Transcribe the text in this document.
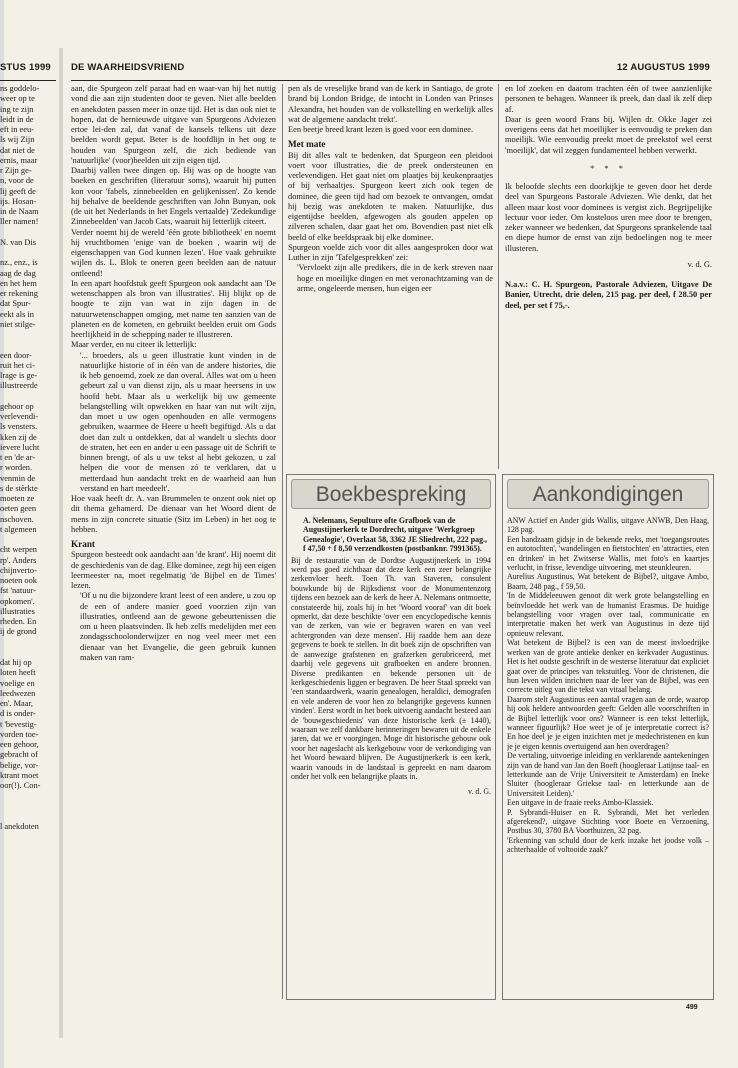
STUS 1999
ns goddelo-
weer op te
ing te zijn
leidt in de
eft in eeu-
ls wij Zijn
dat niet de
ernis, maar
r Zijn ge-
n, voor de
lij geeft de
ijs. Hosan-
in de Naam
ller namen!
N. van Dis
nz., enz., is
aag de dag
en het hem
er rekening
dat Spur-
eekt als in
niet stilge-
een door-
ruit het ci-
lrage is ge-
illustreerde
gehoor op
verlevendi-
ls vensters.
kken zij de
ievere lucht
t en 'de ar-
r worden.
venmin de
s de stèrkte
moeten ze
oeten geen
nschoven.
t algemeen
cht werpen
rp'. Anders
chijnverto-
noeten ook
fst 'natuur-
opkomen'.
illustraties
rheden. En
ij de grond
dat hij op
loten heeft
voelige en
leedwezen
en'. Maar,
d is onder-
t 'bevestig-
vorden toe-
een gehoor,
gebracht of
belige, vor-
ktrant moet
oor(!). Con-
l anekdoten
DE WAARHEIDSVRIEND	12 AUGUSTUS 1999

aan, die Spurgeon zelf paraat had en waar-van hij het nuttig vond die aan zijn studenten door te geven. Niet alle beelden en anekdoten passen meer in onze tijd. Het is dan ook niet te hopen, dat de hernieuwde uitgave van Spurgeons Adviezen ertoe lei-den zal, dat vanaf de kansels telkens uit deze beelden wordt geput. Beter is de hoofdlijn in het oog te houden van Spurgeon zelf, die zich bediende van 'natuurlijke' (voor)beelden uit zijn eigen tijd.

Daarbij vallen twee dingen op. Hij was op de hoogte van boeken en geschriften (literatuur soms), waaruit hij putten kon voor 'fabels, zinnebeelden en gelijkenissen'. Zo kende hij behalve de beeldende geschriften van John Bunyan, ook (de uit het Nederlands in het Engels vertaalde) 'Zedekundige Zinnebeelden' van Jacob Cats, waaruit hij letterlijk citeert.

Verder noemt hij de wereld 'één grote bibliotheek' en noemt hij vruchtbomen 'enige van de boeken , waarin wij de eigenschappen van God kunnen lezen'. Hoe vaak gebruikte wijlen ds. L. Blok te oneren geen beelden aan de natuur ontleend!

In een apart hoofdstuk geeft Spurgeon ook aandacht aan 'De wetenschappen als bron van illustraties'. Hij blijkt op de hoogte te zijn van wat in zijn dagen in de natuurwetenschappen omging, met name ten aanzien van de planeten en de kometen, en gebruikt beelden eruit om Gods heerlijkheid in de schepping nader te illustreren.

Maar verder, en nu citeer ik letterlijk:

'... broeders, als u geen illustratie kunt vinden in de natuurlijke historie of in één van de andere histories, die ik heb genoemd, zoek ze dan overal. Alles wat om u heen gebeurt zal u van dienst zijn, als u maar heersens in uw hoofd hebt. Maar als u werkelijk bij uw gemeente belangstelling wilt opwekken en haar van nut wilt zijn, dan moet u uw ogen openhouden en alle vermogens gebruiken, waarmee de Heere u heeft begiftigd. Als u dat doet dan zult u ontdekken, dat al wandelt u slechts door de straten, het een en ander u een passage uit de Schrift te binnen brengt, of als u uw tekst al hebt gekozen, u zal helpen die voor de mensen zó te verklaren, dat u metterdaad hun aandacht trekt en de waarheid aan hun verstand en hart meedeelt'.

Hoe vaak heeft dr. A. van Brummelen te onzent ook niet op dit thema gehamerd. De dienaar van het Woord dient de mens in zijn concrete situatie (Sitz im Leben) in het oog te hebben.

Krant

Spurgeon besteedt ook aandacht aan 'de krant'. Hij noemt dit de geschiedenis van de dag. Elke dominee, zegt hij een eigen leermeester na, moet regelmatig 'de Bijbel en de Times' lezen.

'Of u nu die bijzondere krant leest of een andere, u zou op de een of andere manier goed voorzien zijn van illustraties, ontleend aan de gewone gebeurtenissen die om u heen plaatsvinden. Ik heb zelfs medelijden met een zondagsschoolonderwijzer en nog veel meer met een dienaar van het Evangelie, die geen gebruik kunnen maken van ram-

pen als de vreselijke brand van de kerk in Santiago, de grote brand bij London Bridge, de intocht in Londen van Prinses Alexandra, het houden van de volkstelling en werkelijk alles wat de algemene aandacht trekt'.

Een beetje breed krant lezen is goed voor een dominee.

Met mate

Bij dit alles valt te bedenken, dat Spurgeon een pleidooi voert voor illustraties, die de preek ondersteunen en verlevendigen. Het gaat niet om plaatjes bij keukenpraatjes of bij verhaaltjes. Spurgeon keert zich ook tegen de dominee, die geen tijd had om bezoek te ontvangen, omdat hij bezig was anekdoten te maken. Natuurlijke, dus eigentijdse beelden, afgewogen als gouden appelen op zilveren schalen, daar gaat het om. Bovendien past niet elk beeld of elke beeldspraak bij elke dominee.

Spurgeon voelde zich voor dit alles aangesproken door wat Luther in zijn 'Tafelgesprekken' zei:

'Vervloekt zijn alle predikers, die in de kerk streven naar hoge en moeilijke dingen en met veronachtzaming van de arme, ongeleerde mensen, hun eigen eer

en lof zoeken en daarom trachten één of twee aanzienlijke personen te behagen. Wanneer ik preek, dan daal ik zelf diep af.

Daar is geen woord Frans bij. Wijlen dr. Okke Jager zei overigens eens dat het moeilijker is eenvoudig te preken dan moeilijk. Wie eenvoudig preekt moet de preekstof wel eerst 'moeilijk', dat wil zeggen fundamenteel hebben verwerkt.

* * *

Ik beloofde slechts een doorkijkje te geven door het derde deel van Spurgeons Pastorale Adviezen. Wie denkt, dat het alleen maar kost voor dominees is vergist zich. Begrijpelijke lectuur voor ieder. Om kosteloos uren mee door te brengen, zeker wanneer we bedenken, dat Spurgeons sprankelende taal en diepe humor de ernst van zijn bedoelingen nog te meer illusteren.

v. d. G.

N.a.v.: C. H. Spurgeon, Pastorale Adviezen, Uitgave De Banier, Utrecht, drie delen, 215 pag. per deel, f 28.50 per deel, per set f 75,-.

Boekbespreking

A. Nelemans, Sepulture ofte Grafboek van de Augustijnerkerk te Dordrecht, uitgave 'Werkgroep Genealogie', Overlaat 58, 3362 JE Sliedrecht, 222 pag., f 47,50 + f 8,50 verzendkosten (postbanknr. 7991365).

Bij de restauratie van de Dordtse Augustijnerkerk in 1994 werd pas goed zichtbaar dat deze kerk een zeer belangrijke zerkenvloer heeft. Toen Th. van Staveren, consulent bouwkunde bij de Rijksdienst voor de Monumentenzorg tijdens een bezoek aan de kerk de heer A. Nelemans ontmoette, constateerde hij, zoals hij in het 'Woord vooraf' van dit boek opmerkt, dat deze beschikte 'over een encyclopedische kennis van de zerken, van wie er begraven waren en van veel achtergronden van deze mensen'. Hij raadde hem aan deze gegevens te boek te stellen. In dit boek zijn de opschriften van de aanwezige grafstenen en grafzerken gerubriceerd, met daarbij vele gegevens uit grafboeken en andere bronnen. Diverse predikanten en bekende personen uit de kerkgeschiedenis liggen er begraven. De heer Staal spreekt van 'een standaardwerk, waarin genealogen, heraldici, demografen en vele anderen de voor hen zo belangrijke gegevens kunnen vinden'. Eerst wordt in het boek uitvoerig aandacht besteed aan de 'bouwgeschiedenis' van deze historische kerk (± 1440), waaraan we zelf dankbare herinneringen bewaren uit de enkele jaren, dat we er voorgingen. Moge dit historische gebouw ook voor het nageslacht als kerkgebouw voor de verkondiging van het Woord bewaard blijven. De Augustijnerkerk is een kerk, waarin vanouds in de landstaal is gepreekt en nam daarom onder het volk een belangrijke plaats in.

v. d. G.

Aankondigingen

ANW Actief en Ander gids Wallis, uitgave ANWB, Den Haag, 128 pag.

Een handzaam gidsje in de bekende reeks, met 'toegangsroutes en autotochten', 'wandelingen en fietstochten' en 'attracties, eten en drinken' in het Zwitserse Wallis, met foto's en kaartjes verlucht, in frisse, levendige uitvoering, met steunkleuren.

Aurelius Augustinus, Wat betekent de Bijbel?, uitgave Ambo, Baarn, 248 pag., f 59,50.

'In de Middeleeuwen genoot dit werk grote belangstelling en beïnvloedde het werk van de humanist Erasmus. De huidige belangstelling voor vragen over taal, communicatie en interpretatie maken het werk van Augustinus in deze tijd opnieuw relevant.

Wat betekent de Bijbel? is een van de meest invloedrijke werken van de grote antieke denker en kerkvader Augustinus. Het is het oudste geschrift in de westerse literatuur dat expliciet gaat over de principes van tekstuitleg. Voor de christenen, die hun leven wilden inrichten naar de leer van de Bijbel, was een correcte uitleg van die tekst van vitaal belang.

Daarom stelt Augustinus een aantal vragen aan de orde, waarop hij ook heldere antwoorden geeft: Gelden alle voorschriften in de Bijbel letterlijk voor ons? Wanneer is een tekst letterlijk, wanneer figuurlijk? Hoe weet je of je interpretatie correct is? En hoe deel je je eigen inzichten met je medechristenen en kun je je eigen kennis overtuigend aan hen overdragen?

De vertaling, uitvoerige inleiding en verklarende aantekeningen zijn van de hand van Jan den Boeft (hoogleraar Latijnse taal- en letterkunde aan de Vrije Universiteit te Amsterdam) en Ineke Sluiter (hoogleraar Griekse taal- en letterkunde aan de Universiteit Leiden).'

Een uitgave in de fraaie reeks Ambo-Klassiek.

P. Sybrandi-Huiser en R. Sybrandi, Met het verleden afgerekend?, uitgave Stichting voor Boete en Verzoening, Postbus 30, 3780 BA Voorthuizen, 32 pag.

'Erkenning van schuld door de kerk inzake het joodse volk – achterhaalde of voltooide zaak?'

499
